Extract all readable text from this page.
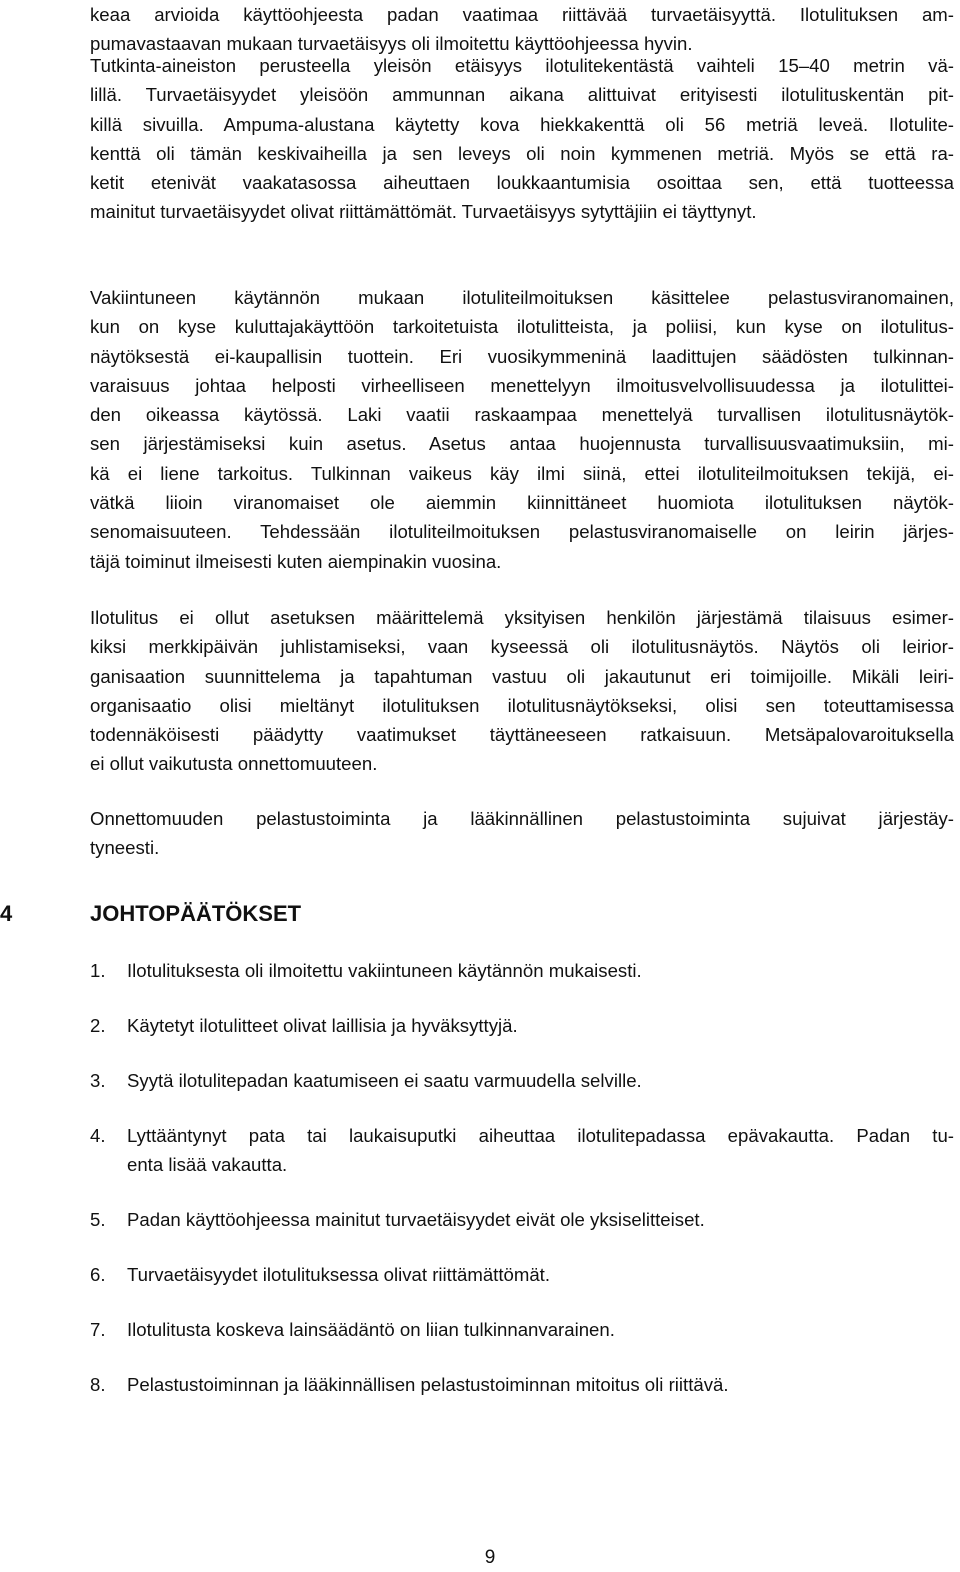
keaa arvioida käyttöohjeesta padan vaatimaa riittävää turvaetäisyyttä. Ilotulituksen am-
pumavastaavan mukaan turvaetäisyys oli ilmoitettu käyttöohjeessa hyvin.

Tutkinta-aineiston perusteella yleisön etäisyys ilotulitekentästä vaihteli 15–40 metrin vä-
lillä. Turvaetäisyydet yleisöön ammunnan aikana alittuivat erityisesti ilotulituskentän pit-
killä sivuilla. Ampuma-alustana käytetty kova hiekkakenttä oli 56 metriä leveä. Ilotulite-
kenttä oli tämän keskivaiheilla ja sen leveys oli noin kymmenen metriä. Myös se että ra-
ketit etenivät vaakatasossa aiheuttaen loukkaantumisia osoittaa sen, että tuotteessa
mainitut turvaetäisyydet olivat riittämättömät. Turvaetäisyys sytyttäjiin ei täyttynyt.

Vakiintuneen käytännön mukaan ilotuliteilmoituksen käsittelee pelastusviranomainen,
kun on kyse kuluttajakäyttöön tarkoitetuista ilotulitteista, ja poliisi, kun kyse on ilotulitus-
näytöksestä ei-kaupallisin tuottein. Eri vuosikymmeninä laadittujen säädösten tulkinnan-
varaisuus johtaa helposti virheelliseen menettelyyn ilmoitusvelvollisuudessa ja ilotulittei-
den oikeassa käytössä. Laki vaatii raskaampaa menettelyä turvallisen ilotulitusnäytök-
sen järjestämiseksi kuin asetus. Asetus antaa huojennusta turvallisuusvaatimuksiin, mi-
kä ei liene tarkoitus. Tulkinnan vaikeus käy ilmi siinä, ettei ilotuliteilmoituksen tekijä, ei-
vätkä liioin viranomaiset ole aiemmin kiinnittäneet huomiota ilotulituksen näytök-
senomaisuuteen. Tehdessään ilotuliteilmoituksen pelastusviranomaiselle on leirin järjes-
täjä toiminut ilmeisesti kuten aiempinakin vuosina.

Ilotulitus ei ollut asetuksen määrittelemä yksityisen henkilön järjestämä tilaisuus esimer-
kiksi merkkipäivän juhlistamiseksi, vaan kyseessä oli ilotulitusnäytös. Näytös oli leirior-
ganisaation suunnittelema ja tapahtuman vastuu oli jakautunut eri toimijoille. Mikäli leiri-
organisaatio olisi mieltänyt ilotulituksen ilotulitusnäytökseksi, olisi sen toteuttamisessa
todennäköisesti päädytty vaatimukset täyttäneeseen ratkaisuun. Metsäpalovaroituksella
ei ollut vaikutusta onnettomuuteen.

Onnettomuuden pelastustoiminta ja lääkinnällinen pelastustoiminta sujuivat järjestäy-
tyneesti.

4	JOHTOPÄÄTÖKSET
1. Ilotulituksesta oli ilmoitettu vakiintuneen käytännön mukaisesti.
2. Käytetyt ilotulitteet olivat laillisia ja hyväksyttyjä.
3. Syytä ilotulitepadan kaatumiseen ei saatu varmuudella selville.
4. Lyttääntynyt pata tai laukaisuputki aiheuttaa ilotulitepadassa epävakautta. Padan tu-
enta lisää vakautta.
5. Padan käyttöohjeessa mainitut turvaetäisyydet eivät ole yksiselitteiset.
6. Turvaetäisyydet ilotulituksessa olivat riittämättömät.
7. Ilotulitusta koskeva lainsäädäntö on liian tulkinnanvarainen.
8. Pelastustoiminnan ja lääkinnällisen pelastustoiminnan mitoitus oli riittävä.
9
